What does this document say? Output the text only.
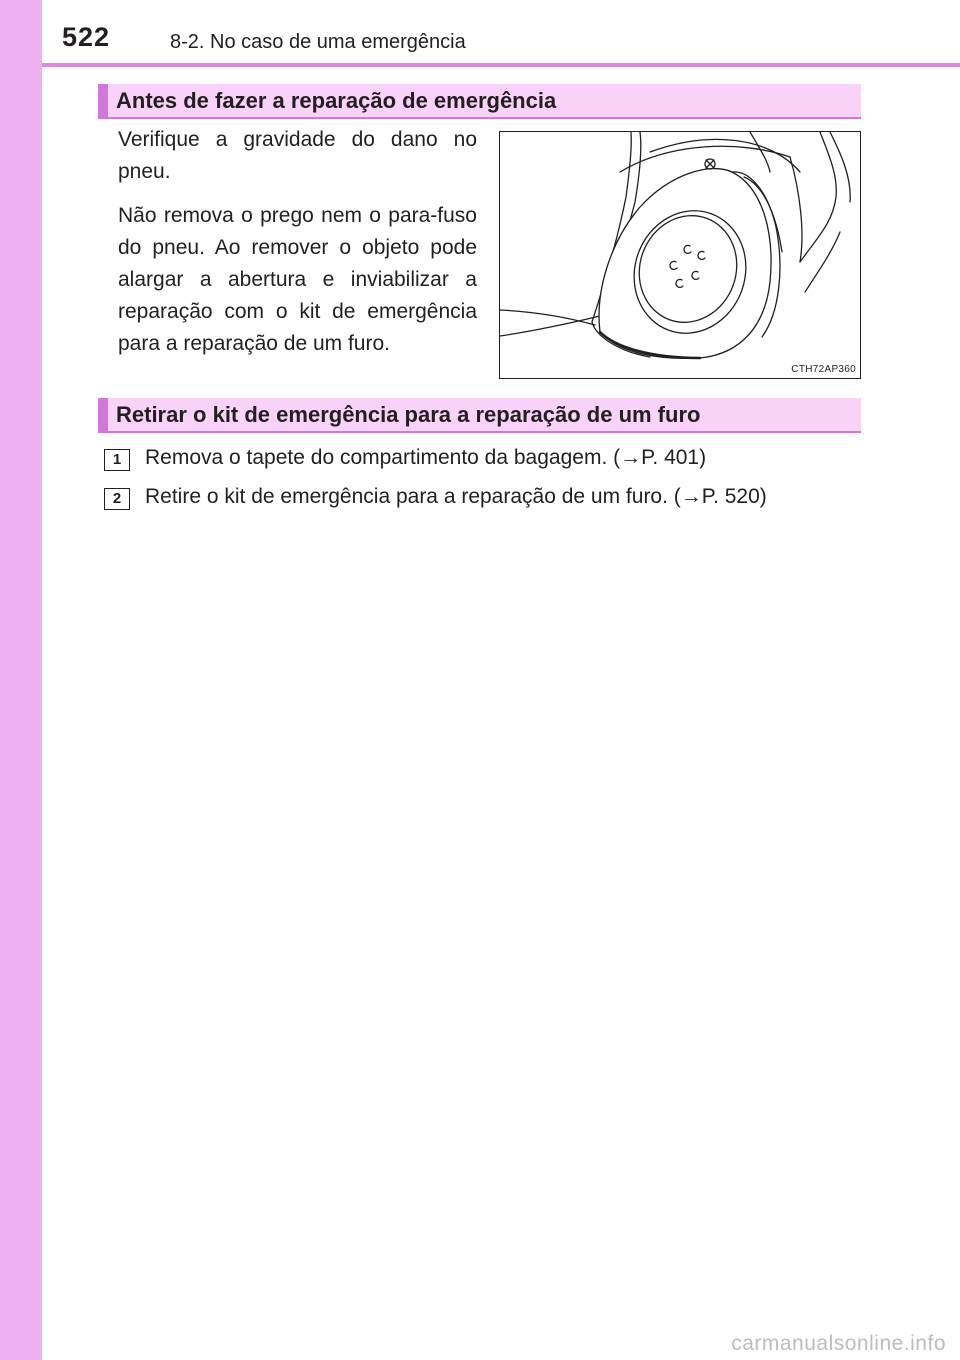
522	8-2. No caso de uma emergência
Antes de fazer a reparação de emergência

Verifique a gravidade do dano no pneu.

Não remova o prego nem o para-fuso do pneu. Ao remover o objeto pode alargar a abertura e inviabilizar a reparação com o kit de emergência para a reparação de um furo.

CTH72AP360
Retirar o kit de emergência para a reparação de um furo
1	Remova o tapete do compartimento da bagagem. (→P. 401)
2	Retire o kit de emergência para a reparação de um furo. (→P. 520)
carmanualsonline.info
